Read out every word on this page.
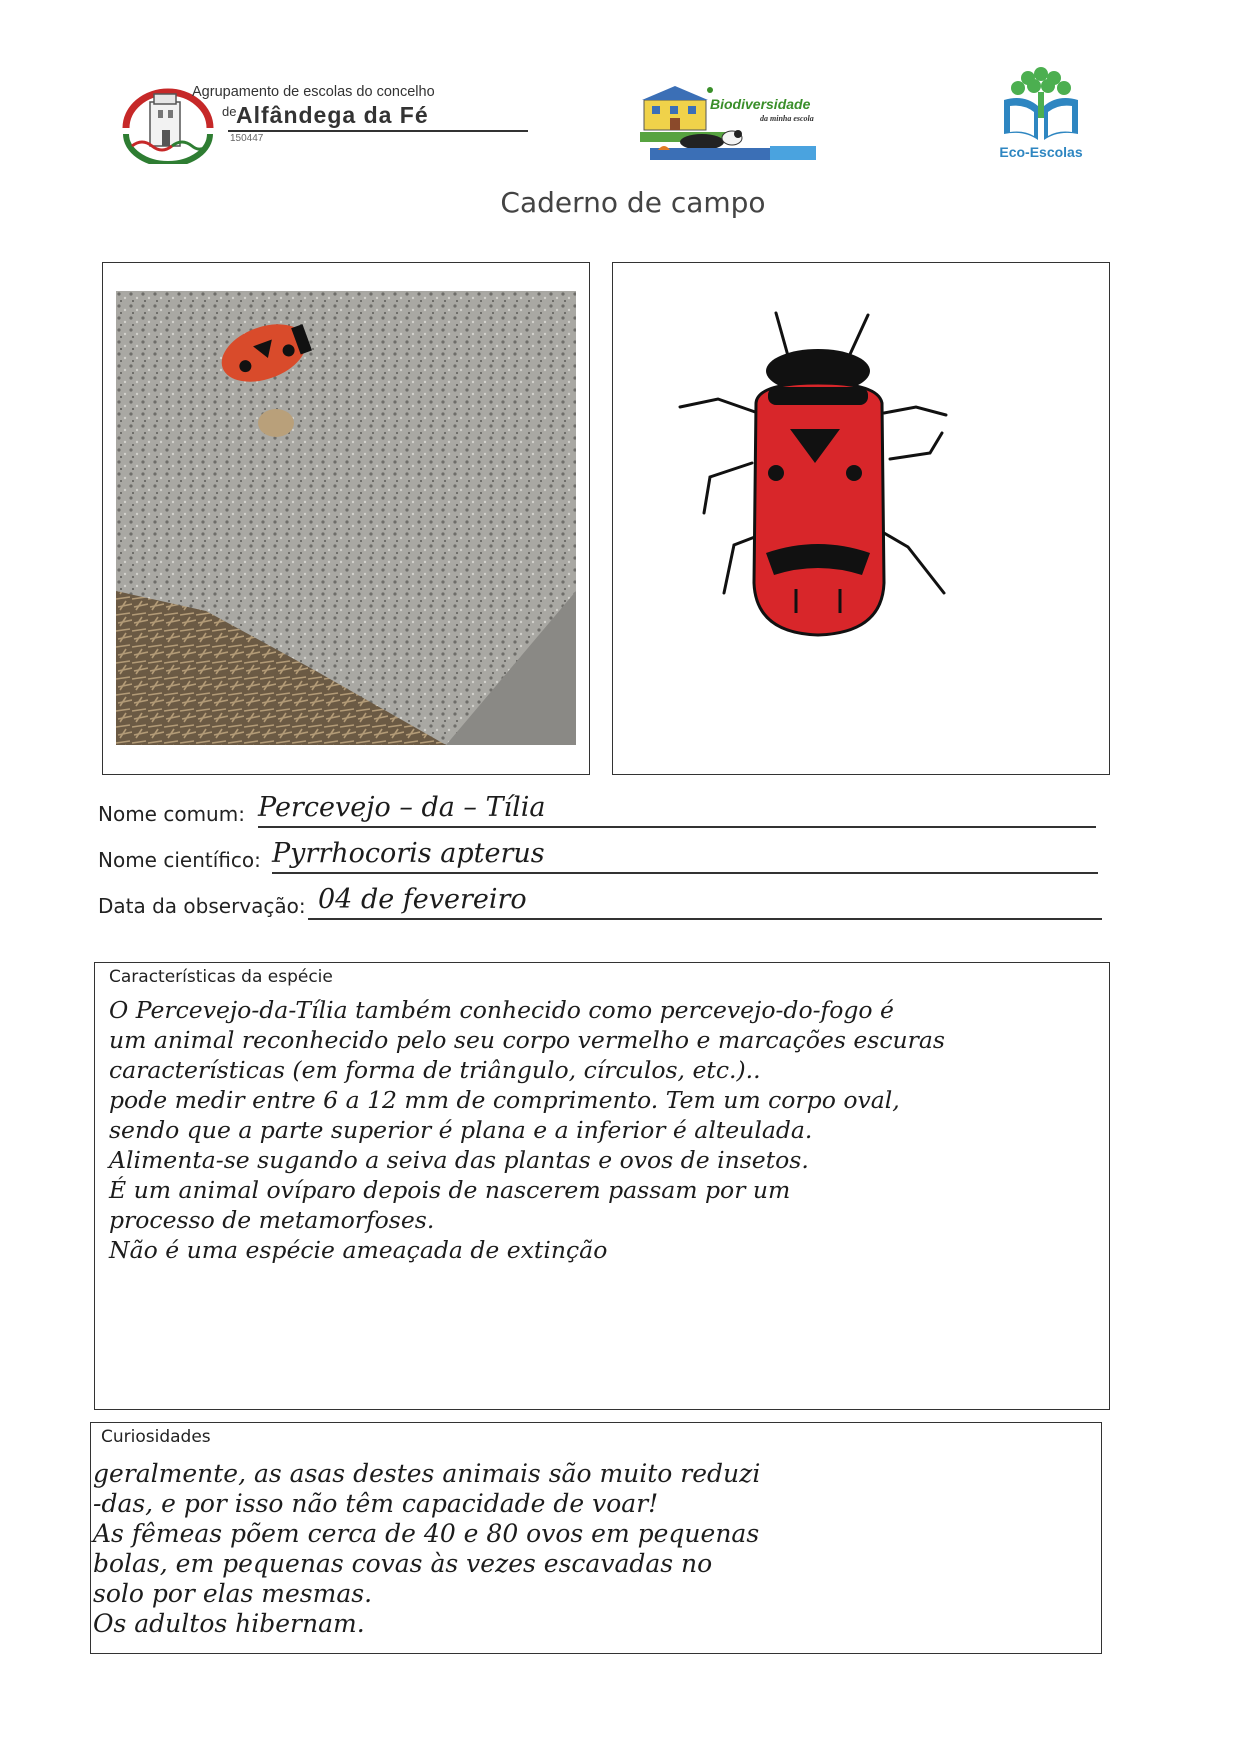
Agrupamento de escolas do concelho
de Alfândega da Fé
150447
Biodiversidade
da minha escola
Eco-Escolas
Caderno de campo
Nome comum: Percevejo – da – Tília
Nome científico: Pyrrhocoris apterus
Data da observação: 04 de fevereiro
Características da espécie
O Percevejo-da-Tília também conhecido como percevejo-do-fogo é
um animal reconhecido pelo seu corpo vermelho e marcações escuras
características (em forma de triângulo, círculos, etc.)..
pode medir entre 6 a 12 mm de comprimento. Tem um corpo oval,
sendo que a parte superior é plana e a inferior é alteulada.
Alimenta-se sugando a seiva das plantas e ovos de insetos.
É um animal ovíparo depois de nascerem passam por um
processo de metamorfoses.
Não é uma espécie ameaçada de extinção
Curiosidades
geralmente, as asas destes animais são muito reduzi
-das, e por isso não têm capacidade de voar!
As fêmeas põem cerca de 40 e 80 ovos em pequenas
bolas, em pequenas covas às vezes escavadas no
solo por elas mesmas.
Os adultos hibernam.
